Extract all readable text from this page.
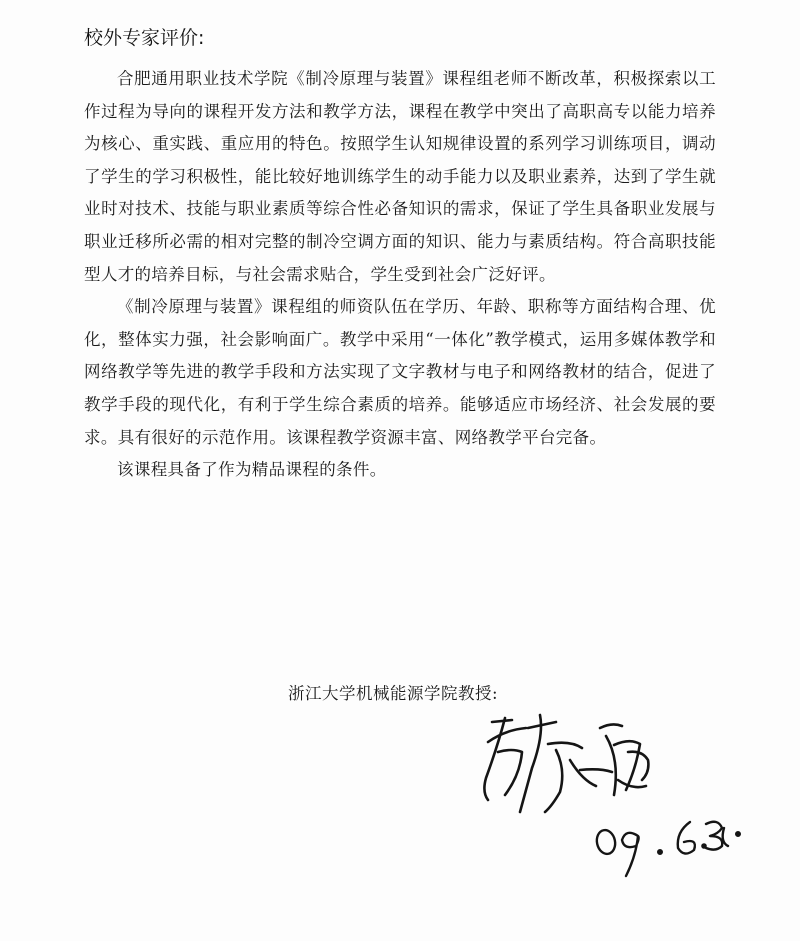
校外专家评价:

合肥通用职业技术学院《制冷原理与装置》课程组老师不断改革，积极探索以工作过程为导向的课程开发方法和教学方法，课程在教学中突出了高职高专以能力培养为核心、重实践、重应用的特色。按照学生认知规律设置的系列学习训练项目，调动了学生的学习积极性，能比较好地训练学生的动手能力以及职业素养，达到了学生就业时对技术、技能与职业素质等综合性必备知识的需求，保证了学生具备职业发展与职业迁移所必需的相对完整的制冷空调方面的知识、能力与素质结构。符合高职技能型人才的培养目标，与社会需求贴合，学生受到社会广泛好评。

《制冷原理与装置》课程组的师资队伍在学历、年龄、职称等方面结构合理、优化，整体实力强，社会影响面广。教学中采用“一体化”教学模式，运用多媒体教学和网络教学等先进的教学手段和方法实现了文字教材与电子和网络教材的结合，促进了教学手段的现代化，有利于学生综合素质的培养。能够适应市场经济、社会发展的要求。具有很好的示范作用。该课程教学资源丰富、网络教学平台完备。

该课程具备了作为精品课程的条件。

浙江大学机械能源学院教授:
